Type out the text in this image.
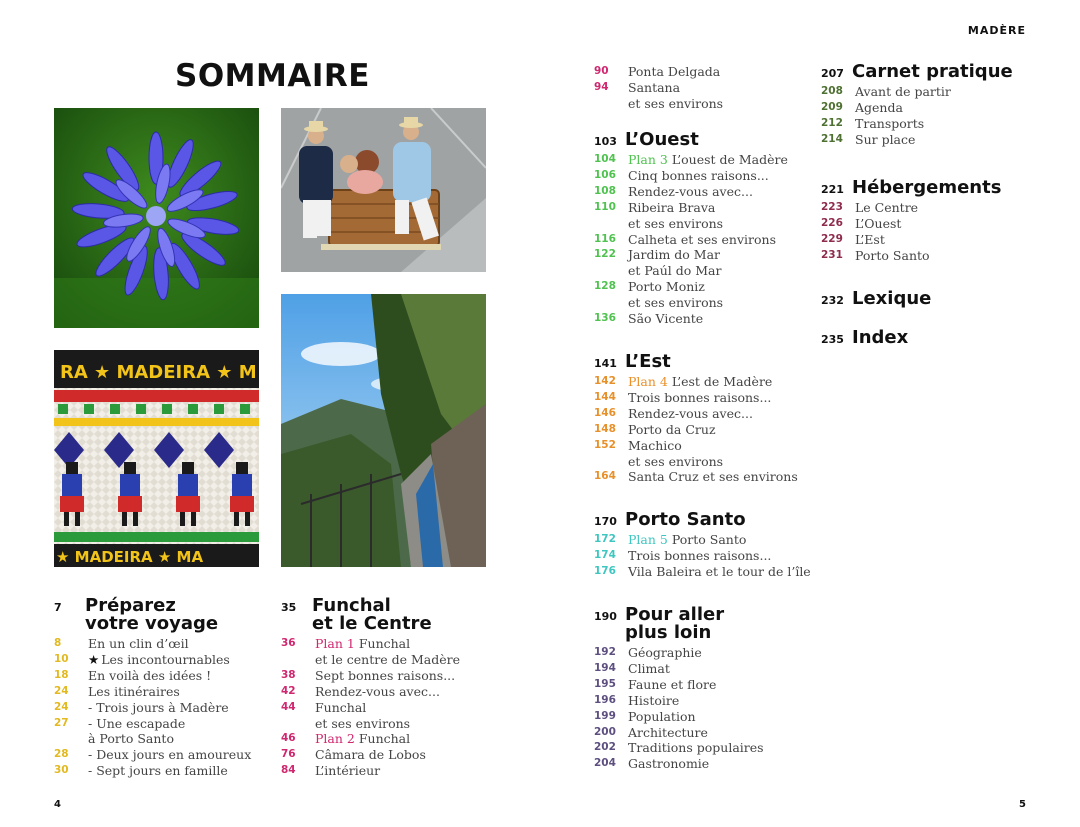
MADÈRE
SOMMAIRE
RA ★ MADEIRA ★ M
★ MADEIRA ★ MA
7	Préparez
votre voyage
8	En un clin d’œil
10	★ Les incontournables
18	En voilà des idées !
24	Les itinéraires
24	- Trois jours à Madère
27	- Une escapade
à Porto Santo
28	- Deux jours en amoureux
30	- Sept jours en famille
35 Funchal
et le Centre
36	Plan 1 Funchal
et le centre de Madère
38	Sept bonnes raisons...
42	Rendez-vous avec...
44	Funchal
et ses environs
46	Plan 2 Funchal
76	Câmara de Lobos
84	L’intérieur
90	Ponta Delgada
94	Santana
et ses environs
103 L’Ouest
104 Plan 3 L’ouest de Madère
106 Cinq bonnes raisons...
108 Rendez-vous avec...
110 Ribeira Brava
et ses environs
116 Calheta et ses environs
122 Jardim do Mar
et Paúl do Mar
128 Porto Moniz
et ses environs
136 São Vicente
141 L’Est
142 Plan 4 L’est de Madère
144 Trois bonnes raisons...
146 Rendez-vous avec...
148 Porto da Cruz
152 Machico
et ses environs
164 Santa Cruz et ses environs
170 Porto Santo
172 Plan 5 Porto Santo
174 Trois bonnes raisons...
176 Vila Baleira et le tour de l’île
190 Pour aller
plus loin
192 Géographie
194 Climat
195 Faune et flore
196 Histoire
199 Population
200 Architecture
202 Traditions populaires
204 Gastronomie
207 Carnet pratique
208 Avant de partir
209 Agenda
212 Transports
214 Sur place
221 Hébergements
223 Le Centre
226 L’Ouest
229 L’Est
231 Porto Santo
232 Lexique
235 Index
4	5
